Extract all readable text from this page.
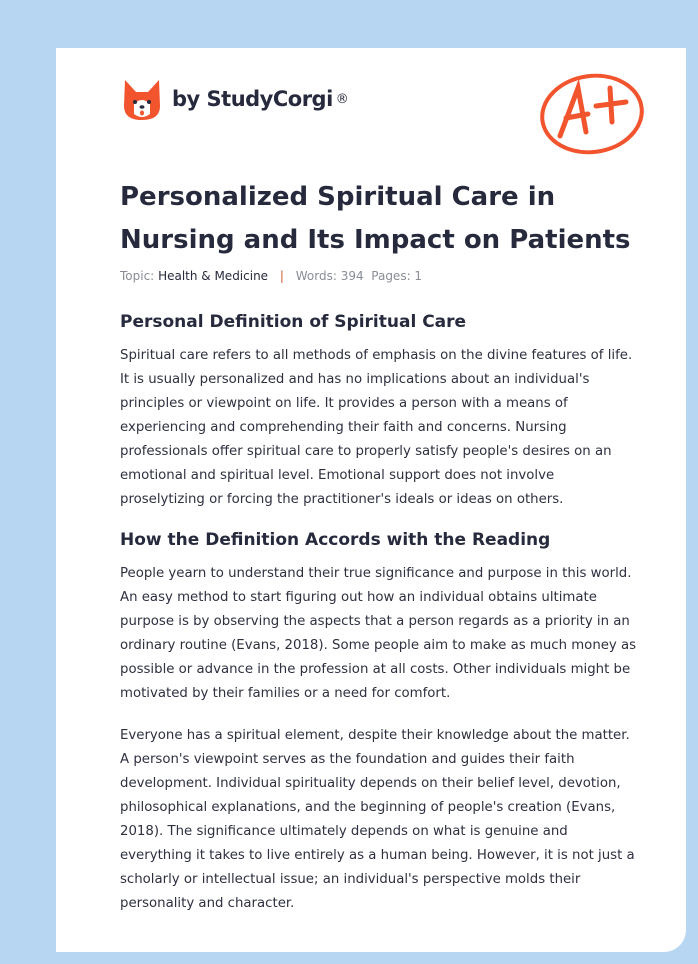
by StudyCorgi ®
Personalized Spiritual Care in Nursing and Its Impact on Patients
Topic: Health & Medicine | Words: 394 Pages: 1
Personal Definition of Spiritual Care

Spiritual care refers to all methods of emphasis on the divine features of life. It is usually personalized and has no implications about an individual's principles or viewpoint on life. It provides a person with a means of experiencing and comprehending their faith and concerns. Nursing professionals offer spiritual care to properly satisfy people's desires on an emotional and spiritual level. Emotional support does not involve proselytizing or forcing the practitioner's ideals or ideas on others.

How the Definition Accords with the Reading

People yearn to understand their true significance and purpose in this world. An easy method to start figuring out how an individual obtains ultimate purpose is by observing the aspects that a person regards as a priority in an ordinary routine (Evans, 2018). Some people aim to make as much money as possible or advance in the profession at all costs. Other individuals might be motivated by their families or a need for comfort.

Everyone has a spiritual element, despite their knowledge about the matter. A person's viewpoint serves as the foundation and guides their faith development. Individual spirituality depends on their belief level, devotion, philosophical explanations, and the beginning of people's creation (Evans, 2018). The significance ultimately depends on what is genuine and everything it takes to live entirely as a human being. However, it is not just a scholarly or intellectual issue; an individual's perspective molds their personality and character.
